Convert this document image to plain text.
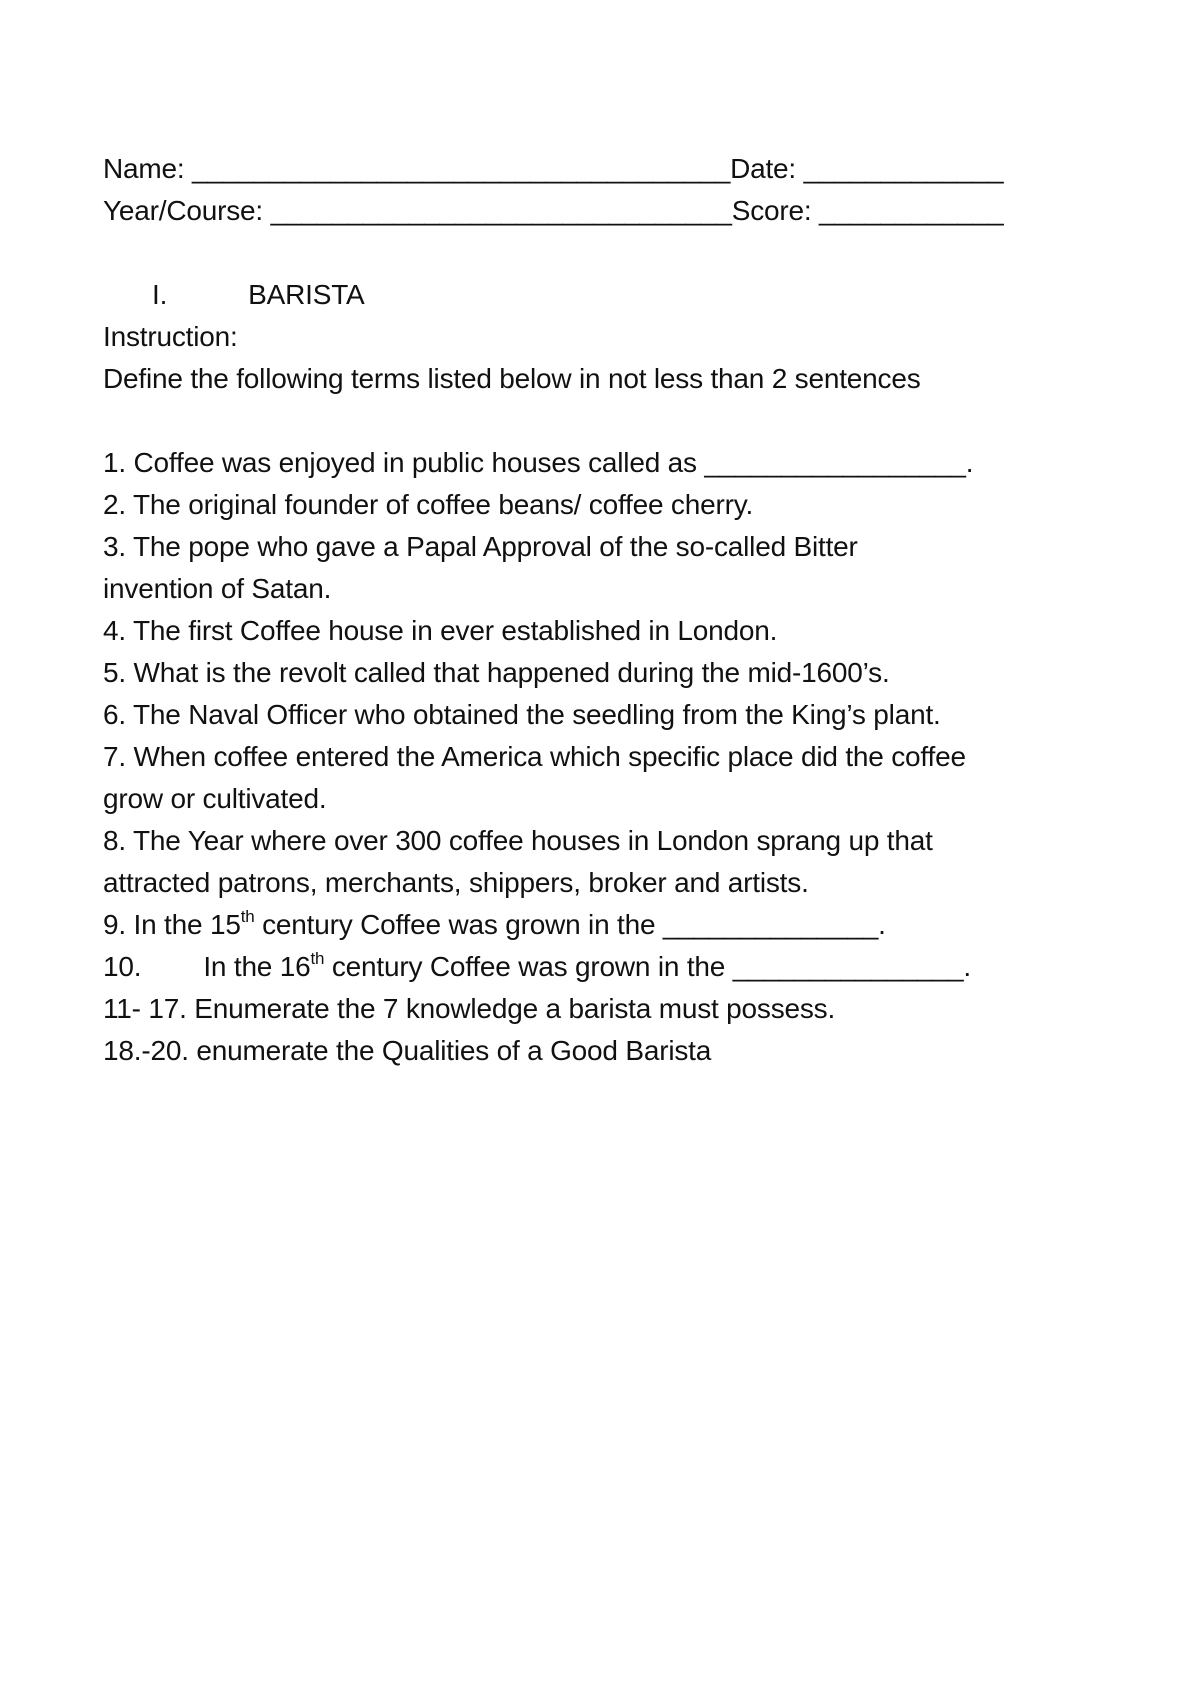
Name: ___________________________________Date: _____________
Year/Course: ______________________________Score: ____________
I.	BARISTA
Instruction:
Define the following terms listed below in not less than 2 sentences
1. Coffee was enjoyed in public houses called as _________________.
2. The original founder of coffee beans/ coffee cherry.
3. The pope who gave a Papal Approval of the so-called Bitter
invention of Satan.
4. The first Coffee house in ever established in London.
5. What is the revolt called that happened during the mid-1600’s.
6. The Naval Officer who obtained the seedling from the King’s plant.
7. When coffee entered the America which specific place did the coffee
grow or cultivated.
8. The Year where over 300 coffee houses in London sprang up that
attracted patrons, merchants, shippers, broker and artists.
9. In the 15th century Coffee was grown in the ______________.
10. In the 16th century Coffee was grown in the _______________.
11- 17. Enumerate the 7 knowledge a barista must possess.
18.-20. enumerate the Qualities of a Good Barista
